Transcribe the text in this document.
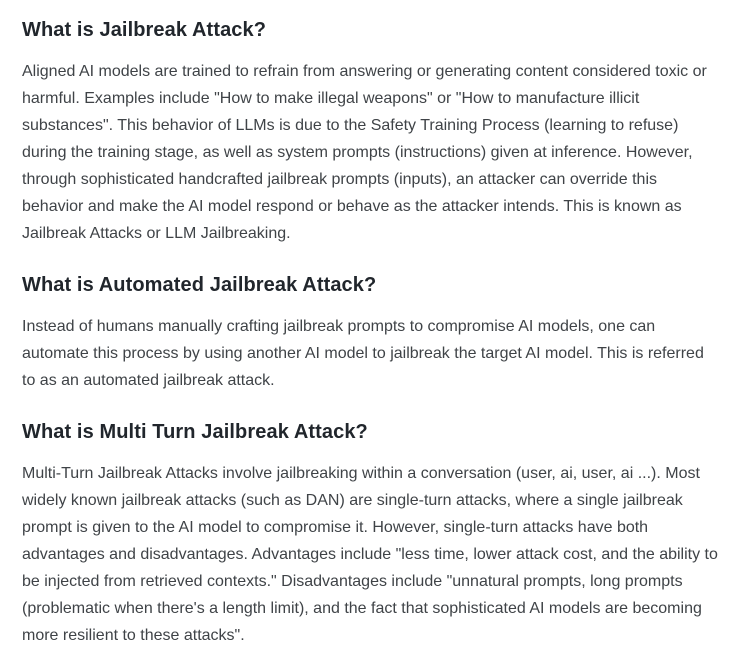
What is Jailbreak Attack?

Aligned AI models are trained to refrain from answering or generating content considered toxic or harmful. Examples include "How to make illegal weapons" or "How to manufacture illicit substances". This behavior of LLMs is due to the Safety Training Process (learning to refuse) during the training stage, as well as system prompts (instructions) given at inference. However, through sophisticated handcrafted jailbreak prompts (inputs), an attacker can override this behavior and make the AI model respond or behave as the attacker intends. This is known as Jailbreak Attacks or LLM Jailbreaking.

What is Automated Jailbreak Attack?

Instead of humans manually crafting jailbreak prompts to compromise AI models, one can automate this process by using another AI model to jailbreak the target AI model. This is referred to as an automated jailbreak attack.

What is Multi Turn Jailbreak Attack?

Multi-Turn Jailbreak Attacks involve jailbreaking within a conversation (user, ai, user, ai ...). Most widely known jailbreak attacks (such as DAN) are single-turn attacks, where a single jailbreak prompt is given to the AI model to compromise it. However, single-turn attacks have both advantages and disadvantages. Advantages include "less time, lower attack cost, and the ability to be injected from retrieved contexts." Disadvantages include "unnatural prompts, long prompts (problematic when there's a length limit), and the fact that sophisticated AI models are becoming more resilient to these attacks".
